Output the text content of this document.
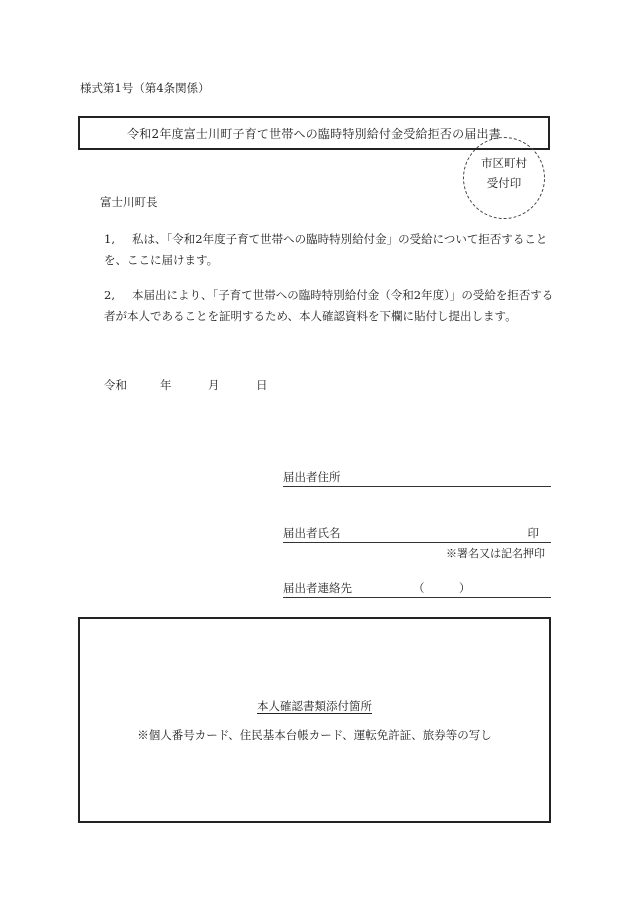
様式第1号（第4条関係）
令和2年度富士川町子育て世帯への臨時特別給付金受給拒否の届出書
市区町村
受付印
富士川町長
1, 私は、「令和2年度子育て世帯への臨時特別給付金」の受給について拒否することを、ここに届けます。
2, 本届出により、「子育て世帯への臨時特別給付金（令和2年度）」の受給を拒否する者が本人であることを証明するため、本人確認資料を下欄に貼付し提出します。
令和	年	月	日
届出者住所
届出者氏名	印
※署名又は記名押印
届出者連絡先	（　　　）
本人確認書類添付箇所
※個人番号カード、住民基本台帳カード、運転免許証、旅券等の写し
